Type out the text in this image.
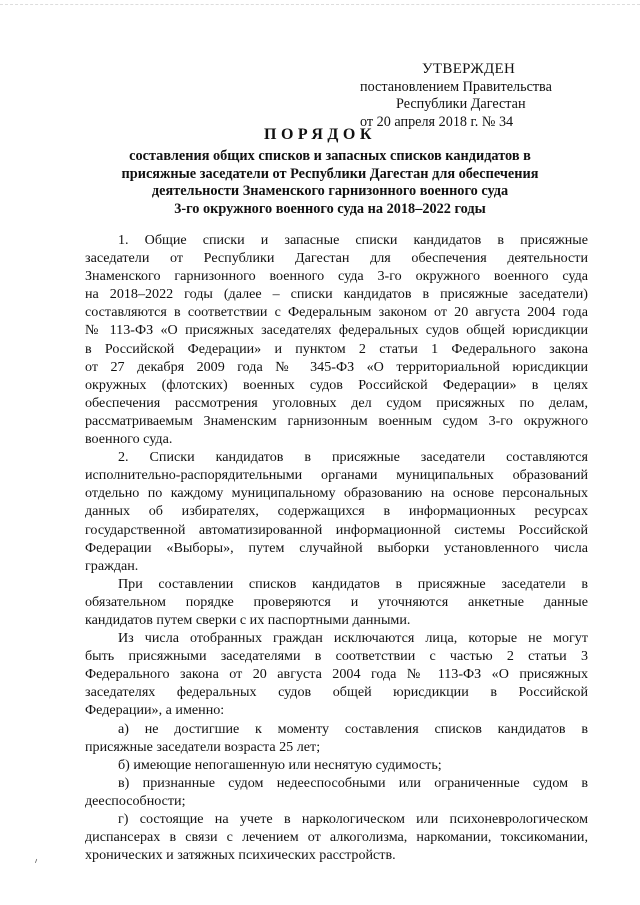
УТВЕРЖДЕН
постановлением Правительства
Республики Дагестан
от 20 апреля 2018 г. № 34
ПОРЯДОК
составления общих списков и запасных списков кандидатов в
присяжные заседатели от Республики Дагестан для обеспечения
деятельности Знаменского гарнизонного военного суда
3-го окружного военного суда на 2018–2022 годы
1. Общие списки и запасные списки кандидатов в присяжные
заседатели от Республики Дагестан для обеспечения деятельности
Знаменского гарнизонного военного суда 3-го окружного военного суда
на 2018–2022 годы (далее – списки кандидатов в присяжные заседатели)
составляются в соответствии с Федеральным законом от 20 августа 2004 года
№ 113-ФЗ «О присяжных заседателях федеральных судов общей юрисдикции
в Российской Федерации» и пунктом 2 статьи 1 Федерального закона
от 27 декабря 2009 года № 345-ФЗ «О территориальной юрисдикции
окружных (флотских) военных судов Российской Федерации» в целях
обеспечения рассмотрения уголовных дел судом присяжных по делам,
рассматриваемым Знаменским гарнизонным военным судом 3-го окружного
военного суда.
2. Списки кандидатов в присяжные заседатели составляются
исполнительно-распорядительными органами муниципальных образований
отдельно по каждому муниципальному образованию на основе персональных
данных об избирателях, содержащихся в информационных ресурсах
государственной автоматизированной информационной системы Российской
Федерации «Выборы», путем случайной выборки установленного числа
граждан.
При составлении списков кандидатов в присяжные заседатели в
обязательном порядке проверяются и уточняются анкетные данные
кандидатов путем сверки с их паспортными данными.
Из числа отобранных граждан исключаются лица, которые не могут
быть присяжными заседателями в соответствии с частью 2 статьи 3
Федерального закона от 20 августа 2004 года № 113-ФЗ «О присяжных
заседателях федеральных судов общей юрисдикции в Российской
Федерации», а именно:
а) не достигшие к моменту составления списков кандидатов в
присяжные заседатели возраста 25 лет;
б) имеющие непогашенную или неснятую судимость;
в) признанные судом недееспособными или ограниченные судом в
дееспособности;
г) состоящие на учете в наркологическом или психоневрологическом
диспансерах в связи с лечением от алкоголизма, наркомании, токсикомании,
хронических и затяжных психических расстройств.
ᐟ
